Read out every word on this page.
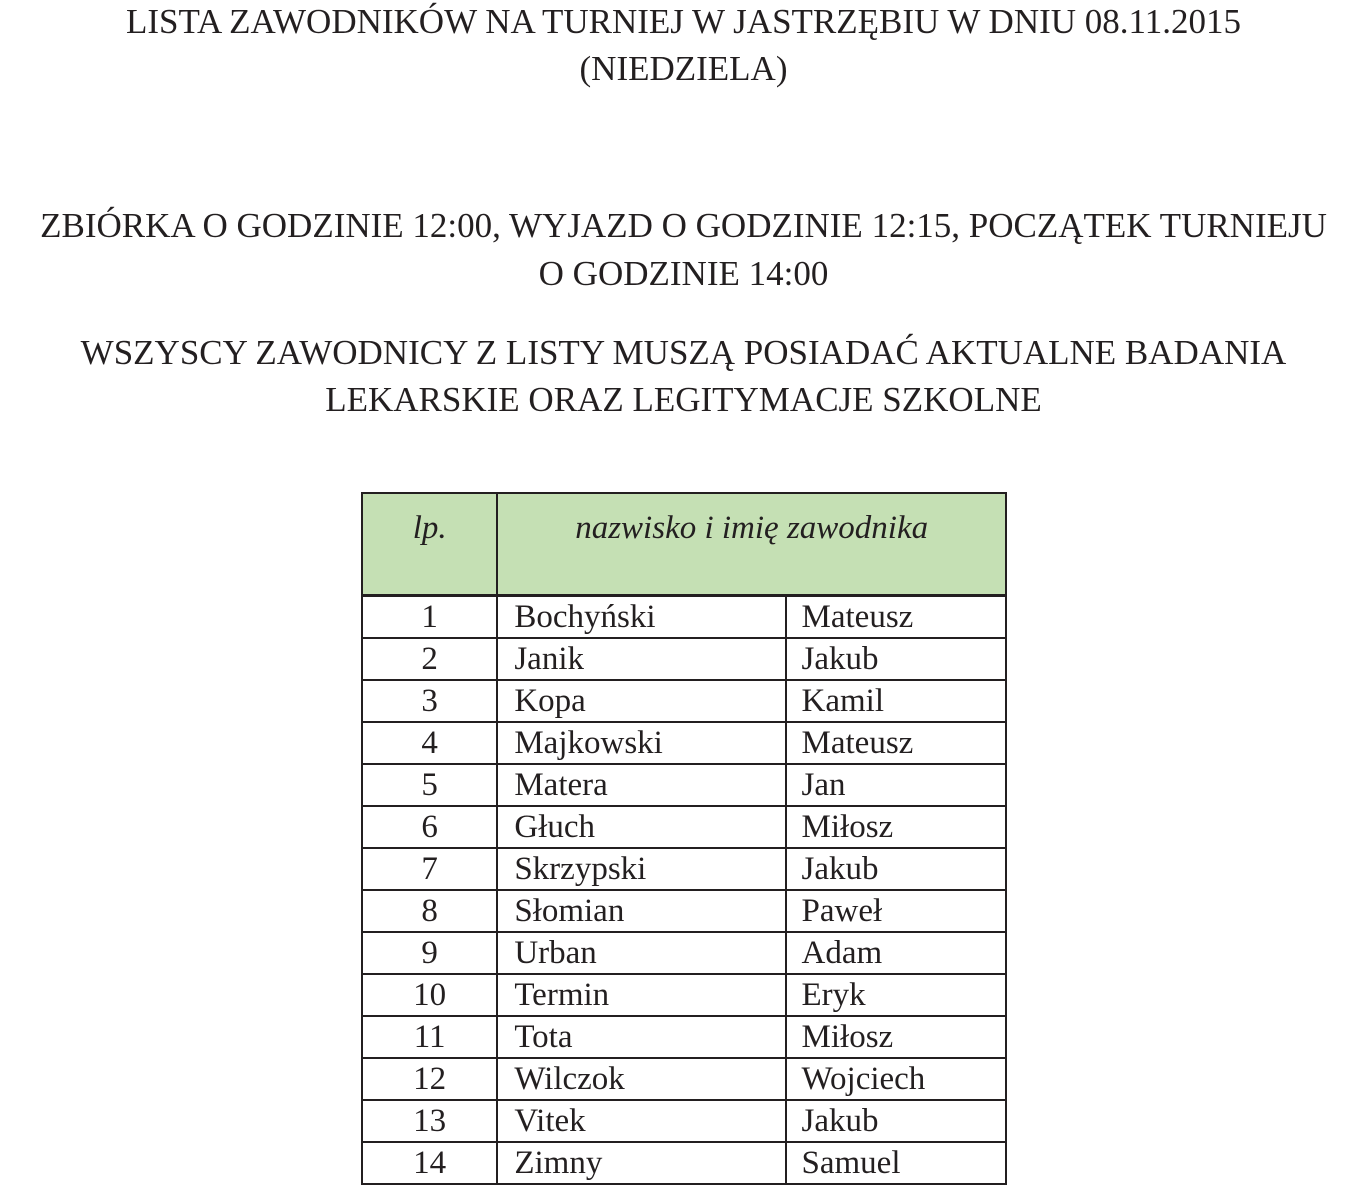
LISTA ZAWODNIKÓW NA TURNIEJ W JASTRZĘBIU W DNIU 08.11.2015
(NIEDZIELA)
ZBIÓRKA O GODZINIE 12:00, WYJAZD O GODZINIE 12:15, POCZĄTEK TURNIEJU
O GODZINIE 14:00
WSZYSCY ZAWODNICY Z LISTY MUSZĄ POSIADAĆ AKTUALNE BADANIA
LEKARSKIE ORAZ LEGITYMACJE SZKOLNE
lp.	nazwisko i imię zawodnika	

1	Bochyński	Mateusz
2	Janik	Jakub
3	Kopa	Kamil
4	Majkowski	Mateusz
5	Matera	Jan
6	Głuch	Miłosz
7	Skrzypski	Jakub
8	Słomian	Paweł
9	Urban	Adam
10	Termin	Eryk
11	Tota	Miłosz
12	Wilczok	Wojciech
13	Vitek	Jakub
14	Zimny	Samuel
